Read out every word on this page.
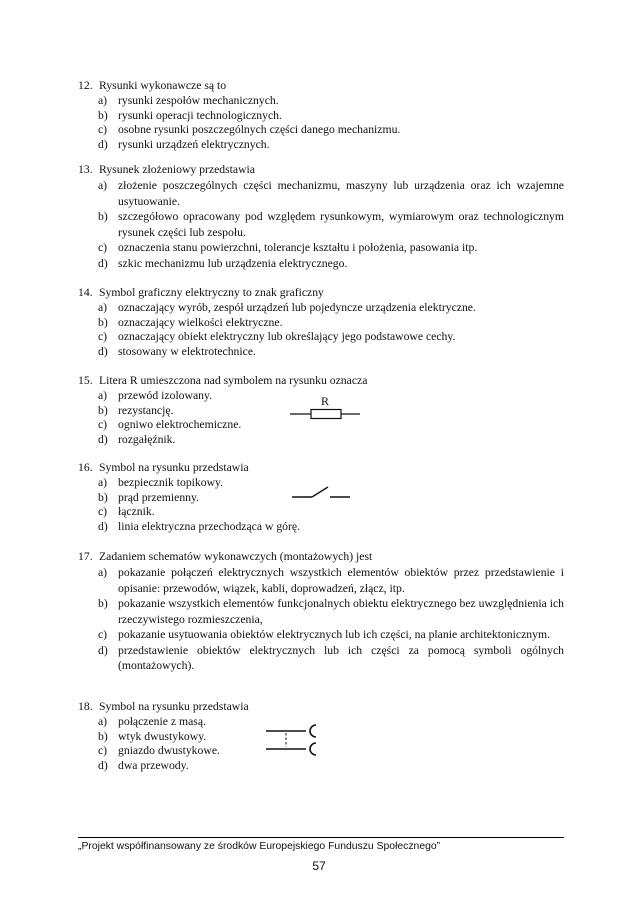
12. Rysunki wykonawcze są to
a) rysunki zespołów mechanicznych.
b) rysunki operacji technologicznych.
c) osobne rysunki poszczególnych części danego mechanizmu.
d) rysunki urządzeń elektrycznych.
13. Rysunek złożeniowy przedstawia
a) złożenie poszczególnych części mechanizmu, maszyny lub urządzenia oraz ich wzajemne usytuowanie.
b) szczegółowo opracowany pod względem rysunkowym, wymiarowym oraz technologicznym rysunek części lub zespołu.
c) oznaczenia stanu powierzchni, tolerancje kształtu i położenia, pasowania itp.
d) szkic mechanizmu lub urządzenia elektrycznego.
14. Symbol graficzny elektryczny to znak graficzny
a) oznaczający wyrób, zespół urządzeń lub pojedyncze urządzenia elektryczne.
b) oznaczający wielkości elektryczne.
c) oznaczający obiekt elektryczny lub określający jego podstawowe cechy.
d) stosowany w elektrotechnice.
15. Litera R umieszczona nad symbolem na rysunku oznacza
a) przewód izolowany.
b) rezystancję.
c) ogniwo elektrochemiczne.
d) rozgałęźnik.
R
16. Symbol na rysunku przedstawia
a) bezpiecznik topikowy.
b) prąd przemienny.
c) łącznik.
d) linia elektryczna przechodząca w górę.
17. Zadaniem schematów wykonawczych (montażowych) jest
a) pokazanie połączeń elektrycznych wszystkich elementów obiektów przez przedstawienie i opisanie: przewodów, wiązek, kabli, doprowadzeń, złącz, itp.
b) pokazanie wszystkich elementów funkcjonalnych obiektu elektrycznego bez uwzględnienia ich rzeczywistego rozmieszczenia,
c) pokazanie usytuowania obiektów elektrycznych lub ich części, na planie architektonicznym.
d) przedstawienie obiektów elektrycznych lub ich części za pomocą symboli ogólnych (montażowych).
18. Symbol na rysunku przedstawia
a) połączenie z masą.
b) wtyk dwustykowy.
c) gniazdo dwustykowe.
d) dwa przewody.
„Projekt współfinansowany ze środków Europejskiego Funduszu Społecznego”
57
